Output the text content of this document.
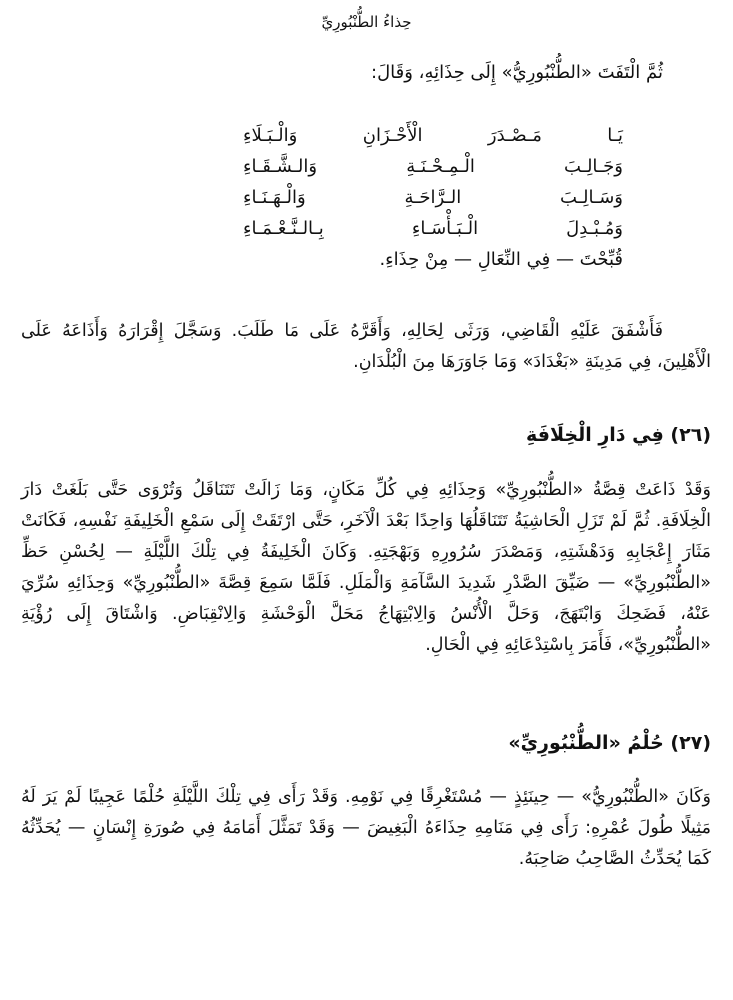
حِذاءُ الطُّنْبُورِيِّ
ثُمَّ الْتَفَتَ «الطُّنْبُورِيُّ» إِلَى حِذَائِهِ، وَقَالَ:
يَـا مَـصْـدَرَ الْأَحْـزَانِ وَالْـبَـلَاءِ
وَجَـالِـبَ الْـمِـحْـنَـةِ وَالـشَّـقَـاءِ
وَسَـالِـبَ الـرَّاحَـةِ وَالْـهَـنَـاءِ
وَمُـبْـدِلَ الْـبَـأْسَـاءِ بِـالـنَّـعْـمَـاءِ
قُبِّحْتَ — فِي النِّعَالِ — مِنْ حِذَاءِ.

فَأَشْفَقَ عَلَيْهِ الْقَاضِي، وَرَثَى لِحَالِهِ، وَأَقَرَّهُ عَلَى مَا طَلَبَ. وَسَجَّلَ إِقْرَارَهُ وَأَذَاعَهُ عَلَى الْأَهْلِينَ، فِي مَدِينَةِ «بَغْدَادَ» وَمَا جَاوَرَهَا مِنَ الْبُلْدَانِ.

(٢٦) فِي دَارِ الْخِلَافَةِ

وَقَدْ ذَاعَتْ قِصَّةُ «الطُّنْبُورِيِّ» وَحِذَائِهِ فِي كُلِّ مَكَانٍ، وَمَا زَالَتْ تَتَنَاقَلُ وَتُرْوَى حَتَّى بَلَغَتْ دَارَ الْخِلَافَةِ. ثُمَّ لَمْ تَزَلِ الْحَاشِيَةُ تَتَنَاقَلُهَا وَاحِدًا بَعْدَ الْآخَرِ، حَتَّى ارْتَقَتْ إِلَى سَمْعِ الْخَلِيفَةِ نَفْسِهِ، فَكَانَتْ مَثَارَ إِعْجَابِهِ وَدَهْشَتِهِ، وَمَصْدَرَ سُرُورِهِ وَبَهْجَتِهِ. وَكَانَ الْخَلِيفَةُ فِي تِلْكَ اللَّيْلَةِ — لِحُسْنِ حَظِّ «الطُّنْبُورِيِّ» — ضَيِّقَ الصَّدْرِ شَدِيدَ السَّآمَةِ وَالْمَلَلِ. فَلَمَّا سَمِعَ قِصَّةَ «الطُّنْبُورِيِّ» وَحِذَائِهِ سُرِّيَ عَنْهُ، فَضَحِكَ وَابْتَهَجَ، وَحَلَّ الْأُنْسُ وَالِابْتِهَاجُ مَحَلَّ الْوَحْشَةِ وَالِانْقِبَاضِ. وَاشْتَاقَ إِلَى رُؤْيَةِ «الطُّنْبُورِيِّ»، فَأَمَرَ بِاسْتِدْعَائِهِ فِي الْحَالِ.

(٢٧) حُلْمُ «الطُّنْبُورِيِّ»

وَكَانَ «الطُّنْبُورِيُّ» — حِينَئِذٍ — مُسْتَغْرِقًا فِي نَوْمِهِ. وَقَدْ رَأَى فِي تِلْكَ اللَّيْلَةِ حُلْمًا عَجِيبًا لَمْ يَرَ لَهُ مَثِيلًا طُولَ عُمْرِهِ: رَأَى فِي مَنَامِهِ حِذَاءَهُ الْبَغِيضَ — وَقَدْ تَمَثَّلَ أَمَامَهُ فِي صُورَةِ إِنْسَانٍ — يُحَدِّثُهُ كَمَا يُحَدِّثُ الصَّاحِبُ صَاحِبَهُ.
